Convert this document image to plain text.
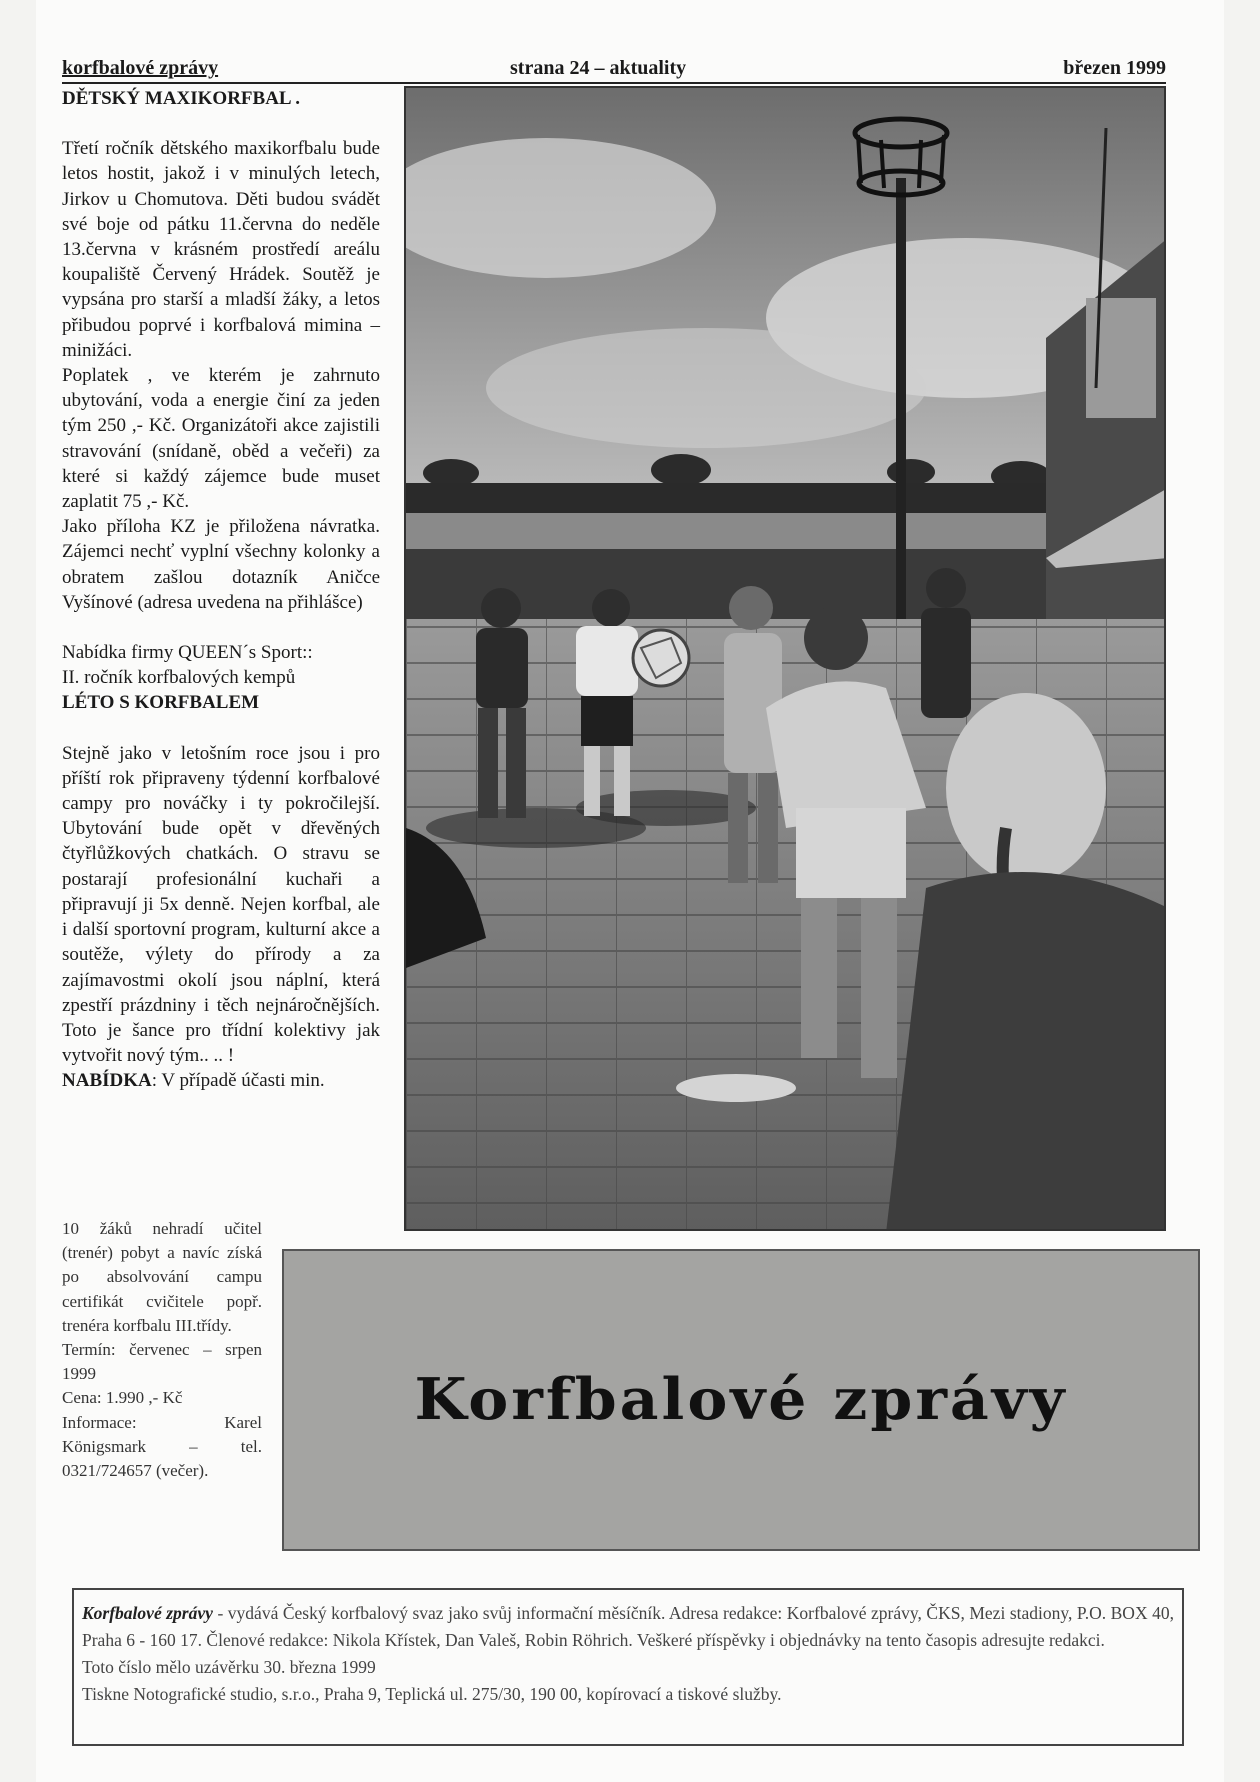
korfbalové zprávy	strana 24 – aktuality	březen 1999

DĚTSKÝ MAXIKORFBAL .

Třetí ročník dětského maxikorfbalu bude letos hostit, jakož i v minulých letech, Jirkov u Chomutova. Děti budou svádět své boje od pátku 11.června do neděle 13.června v krásném prostředí areálu koupaliště Červený Hrádek. Soutěž je vypsána pro starší a mladší žáky, a letos přibudou poprvé i korfbalová mimina – minižáci.

Poplatek , ve kterém je zahrnuto ubytování, voda a energie činí za jeden tým 250 ,- Kč. Organizátoři akce zajistili stravování (snídaně, oběd a večeři) za které si každý zájemce bude muset zaplatit 75 ,- Kč.

Jako příloha KZ je přiložena návratka. Zájemci nechť vyplní všechny kolonky a obratem zašlou dotazník Aničce Vyšínové (adresa uvedena na přihlášce)

Nabídka firmy QUEEN´s Sport::

II. ročník korfbalových kempů

LÉTO S KORFBALEM

Stejně jako v letošním roce jsou i pro příští rok připraveny týdenní korfbalové campy pro nováčky i ty pokročilejší. Ubytování bude opět v dřevěných čtyřlůžkových chatkách. O stravu se postarají profesionální kuchaři a připravují ji 5x denně. Nejen korfbal, ale i další sportovní program, kulturní akce a soutěže, výlety do přírody a za zajímavostmi okolí jsou náplní, která zpestří prázdniny i těch nejnáročnějších. Toto je šance pro třídní kolektivy jak vytvořit nový tým.. .. !

NABÍDKA: V případě účasti min.

10 žáků nehradí učitel (trenér) pobyt a navíc získá po absolvování campu certifikát cvičitele popř. trenéra korfbalu III.třídy.

Termín: červenec – srpen 1999

Cena: 1.990 ,- Kč

Informace: Karel Königsmark – tel. 0321/724657 (večer).

Korfbalové zprávy

Korfbalové zprávy - vydává Český korfbalový svaz jako svůj informační měsíčník. Adresa redakce: Korfbalové zprávy, ČKS, Mezi stadiony, P.O. BOX 40, Praha 6 - 160 17. Členové redakce: Nikola Křístek, Dan Valeš, Robin Röhrich. Veškeré příspěvky i objednávky na tento časopis adresujte redakci.

Toto číslo mělo uzávěrku 30. března 1999

Tiskne Notografické studio, s.r.o., Praha 9, Teplická ul. 275/30, 190 00, kopírovací a tiskové služby.
